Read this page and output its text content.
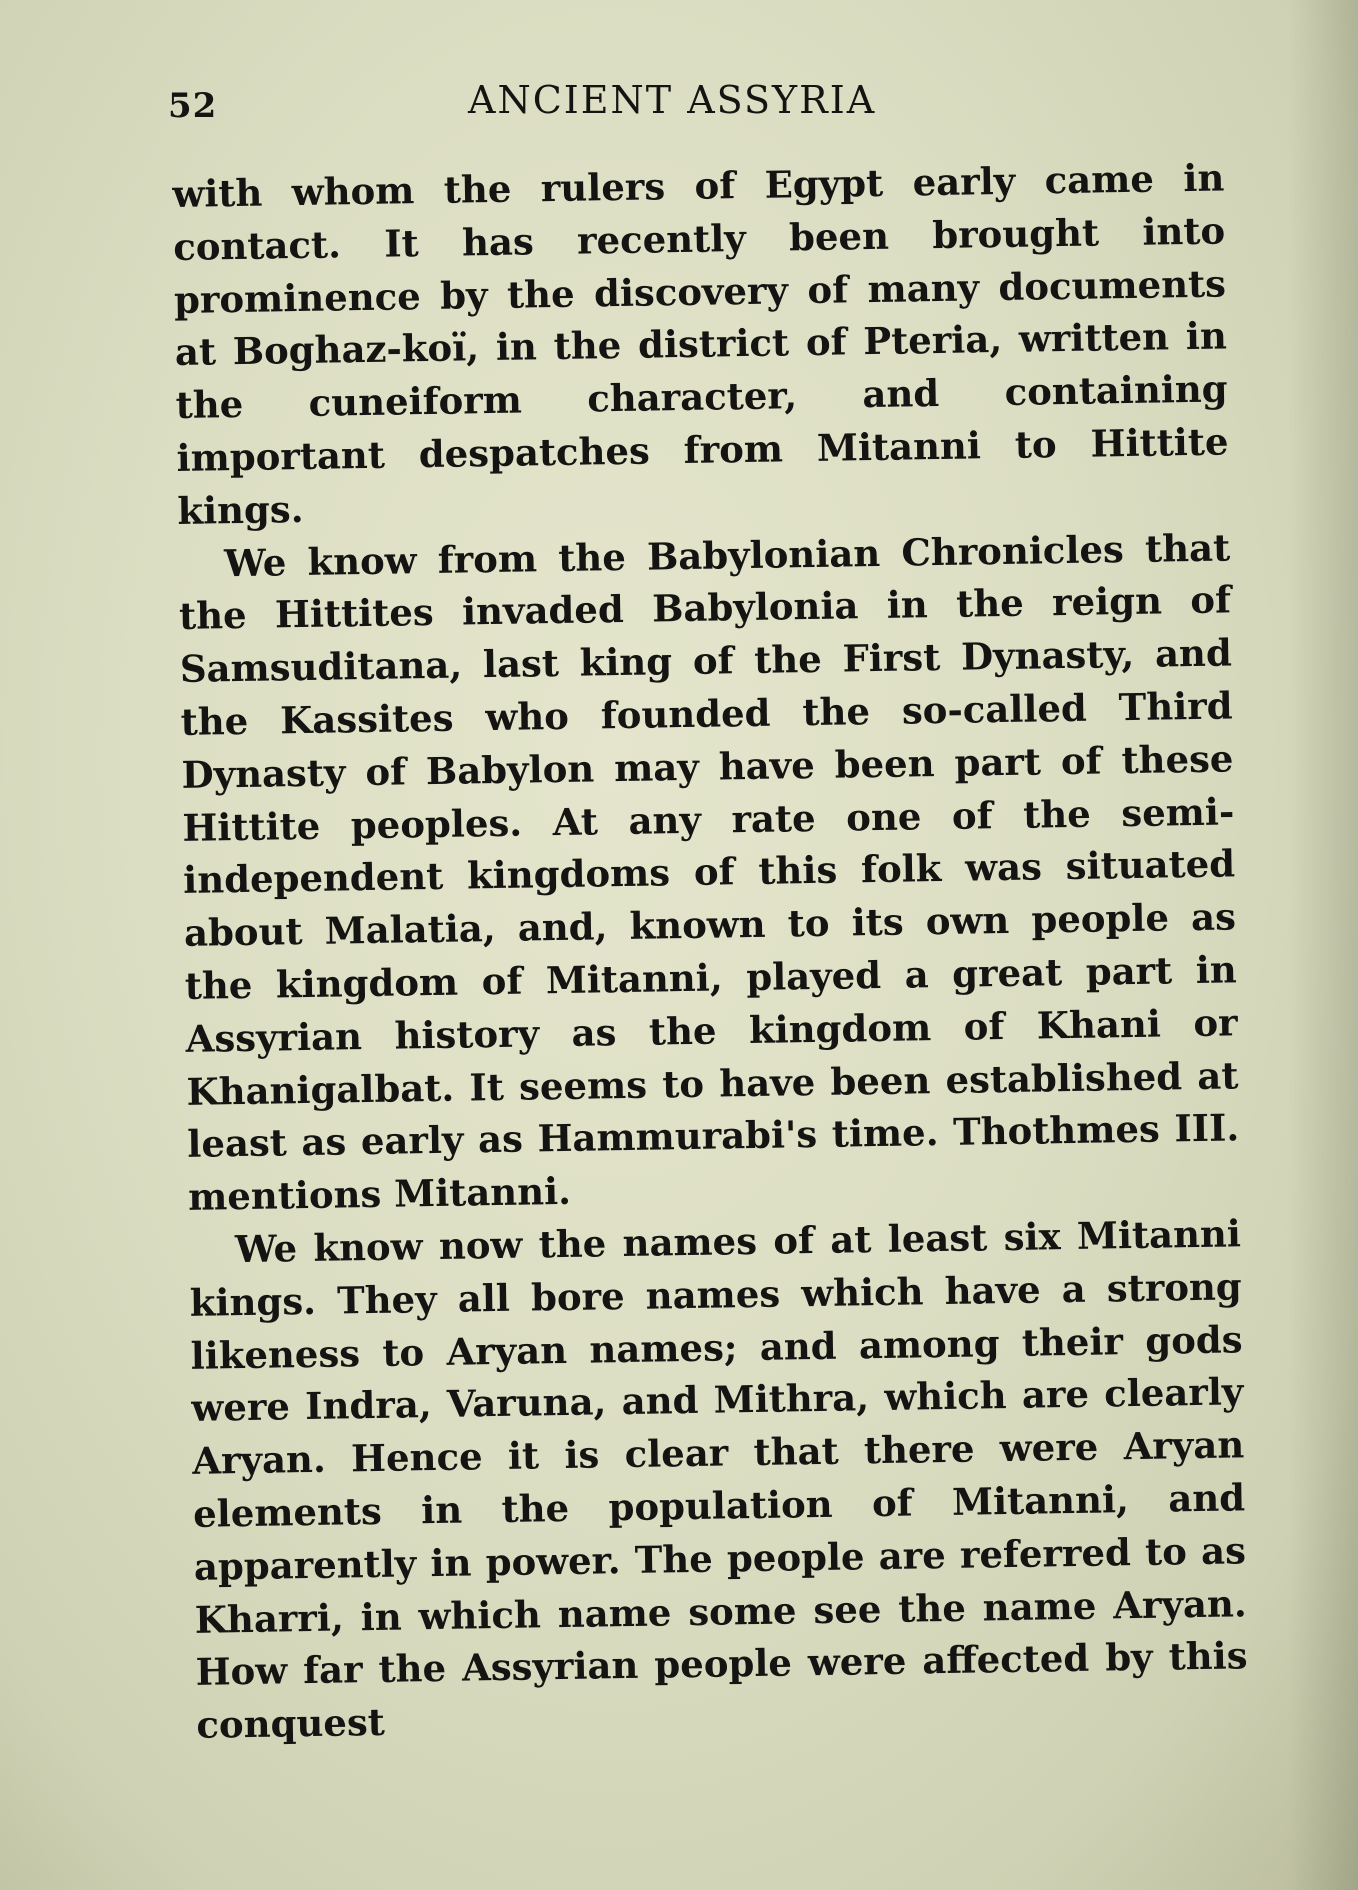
52	ANCIENT ASSYRIA

with whom the rulers of Egypt early came in contact. It has recently been brought into prominence by the discovery of many documents at Boghaz-koï, in the district of Pteria, written in the cuneiform character, and containing important despatches from Mitanni to Hittite kings.

We know from the Babylonian Chronicles that the Hittites invaded Babylonia in the reign of Samsuditana, last king of the First Dynasty, and the Kassites who founded the so-called Third Dynasty of Babylon may have been part of these Hittite peoples. At any rate one of the semi-independent kingdoms of this folk was situated about Malatia, and, known to its own people as the kingdom of Mitanni, played a great part in Assyrian history as the kingdom of Khani or Khanigalbat. It seems to have been established at least as early as Hammurabi's time. Thothmes III. mentions Mitanni.

We know now the names of at least six Mitanni kings. They all bore names which have a strong likeness to Aryan names; and among their gods were Indra, Varuna, and Mithra, which are clearly Aryan. Hence it is clear that there were Aryan elements in the population of Mitanni, and apparently in power. The people are referred to as Kharri, in which name some see the name Aryan. How far the Assyrian people were affected by this conquest
